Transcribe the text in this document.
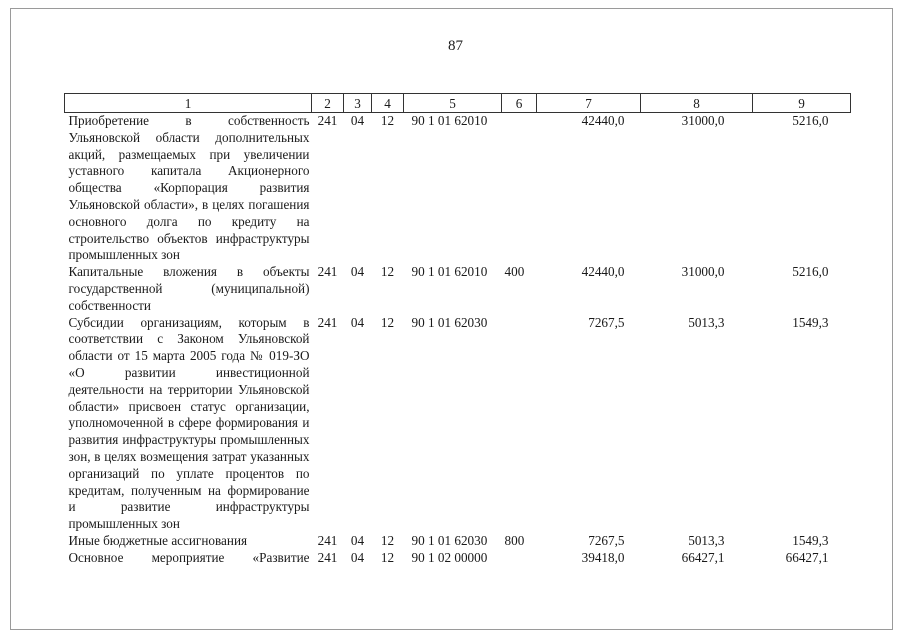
87
1	2	3	4	5	6	7	8	9
Приобретение в собственность Ульяновской области дополнительных акций, размещаемых при увеличении уставного капитала Акционерного общества «Корпорация развития Ульяновской области», в целях погашения основного долга по кредиту на строительство объектов инфраструктуры промышленных зон	241	04	12	90 1 01 62010		42440,0	31000,0	5216,0
Капитальные вложения в объекты государственной (муниципальной) собственности	241	04	12	90 1 01 62010	400	42440,0	31000,0	5216,0
Субсидии организациям, которым в соответствии с Законом Ульяновской области от 15 марта 2005 года № 019-ЗО «О развитии инвестиционной деятельности на территории Ульяновской области» присвоен статус организации, уполномоченной в сфере формирования и развития инфраструктуры промышленных зон, в целях возмещения затрат указанных организаций по уплате процентов по кредитам, полученным на формирование и развитие инфраструктуры промышленных зон	241	04	12	90 1 01 62030		7267,5	5013,3	1549,3
Иные бюджетные ассигнования	241	04	12	90 1 01 62030	800	7267,5	5013,3	1549,3
Основное мероприятие «Развитие	241	04	12	90 1 02 00000		39418,0	66427,1	66427,1
